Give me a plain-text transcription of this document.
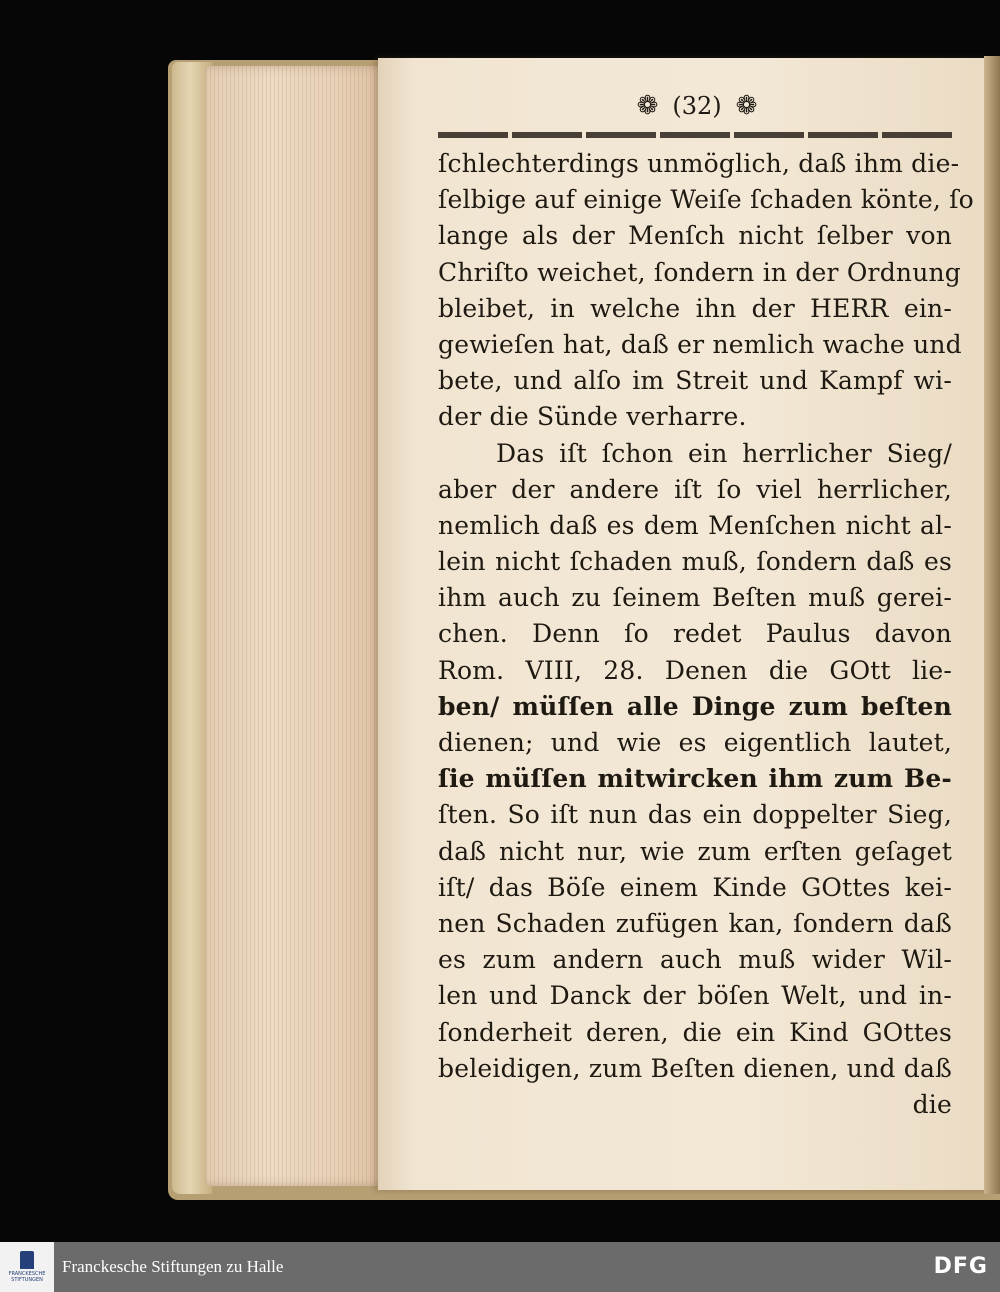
❁ (32) ❁
ſchlechterdings unmöglich, daß ihm die-
ſelbige auf einige Weiſe ſchaden könte, ſo
lange als der Menſch nicht ſelber von
Chriſto weichet, ſondern in der Ordnung
bleibet, in welche ihn der HERR ein-
gewieſen hat, daß er nemlich wache und
bete, und alſo im Streit und Kampf wi-
der die Sünde verharre.
Das iſt ſchon ein herrlicher Sieg/
aber der andere iſt ſo viel herrlicher,
nemlich daß es dem Menſchen nicht al-
lein nicht ſchaden muß, ſondern daß es
ihm auch zu ſeinem Beſten muß gerei-
chen. Denn ſo redet Paulus davon
Rom. VIII, 28. Denen die GOtt lie-
ben/ müſſen alle Dinge zum beſten
dienen; und wie es eigentlich lautet,
ſie müſſen mitwircken ihm zum Be-
ſten. So iſt nun das ein doppelter Sieg,
daß nicht nur, wie zum erſten geſaget
iſt/ das Böſe einem Kinde GOttes kei-
nen Schaden zufügen kan, ſondern daß
es zum andern auch muß wider Wil-
len und Danck der böſen Welt, und in-
ſonderheit deren, die ein Kind GOttes
beleidigen, zum Beſten dienen, und daß
die
FRANCKESCHE STIFTUNGEN
Franckesche Stiftungen zu Halle	DFG
